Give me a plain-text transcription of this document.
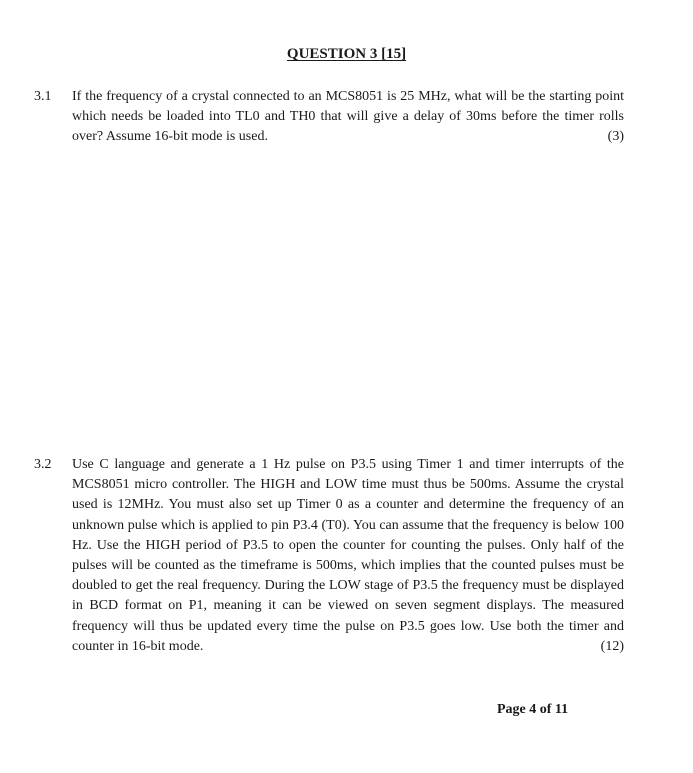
QUESTION 3 [15]
3.1	If the frequency of a crystal connected to an MCS8051 is 25 MHz, what will be the starting point which needs be loaded into TL0 and TH0 that will give a delay of 30ms before the timer rolls over? Assume 16-bit mode is used.	(3)
3.2	Use C language and generate a 1 Hz pulse on P3.5 using Timer 1 and timer interrupts of the MCS8051 micro controller. The HIGH and LOW time must thus be 500ms. Assume the crystal used is 12MHz. You must also set up Timer 0 as a counter and determine the frequency of an unknown pulse which is applied to pin P3.4 (T0). You can assume that the frequency is below 100 Hz. Use the HIGH period of P3.5 to open the counter for counting the pulses. Only half of the pulses will be counted as the timeframe is 500ms, which implies that the counted pulses must be doubled to get the real frequency. During the LOW stage of P3.5 the frequency must be displayed in BCD format on P1, meaning it can be viewed on seven segment displays. The measured frequency will thus be updated every time the pulse on P3.5 goes low. Use both the timer and counter in 16-bit mode.	(12)
Page 4 of 11
